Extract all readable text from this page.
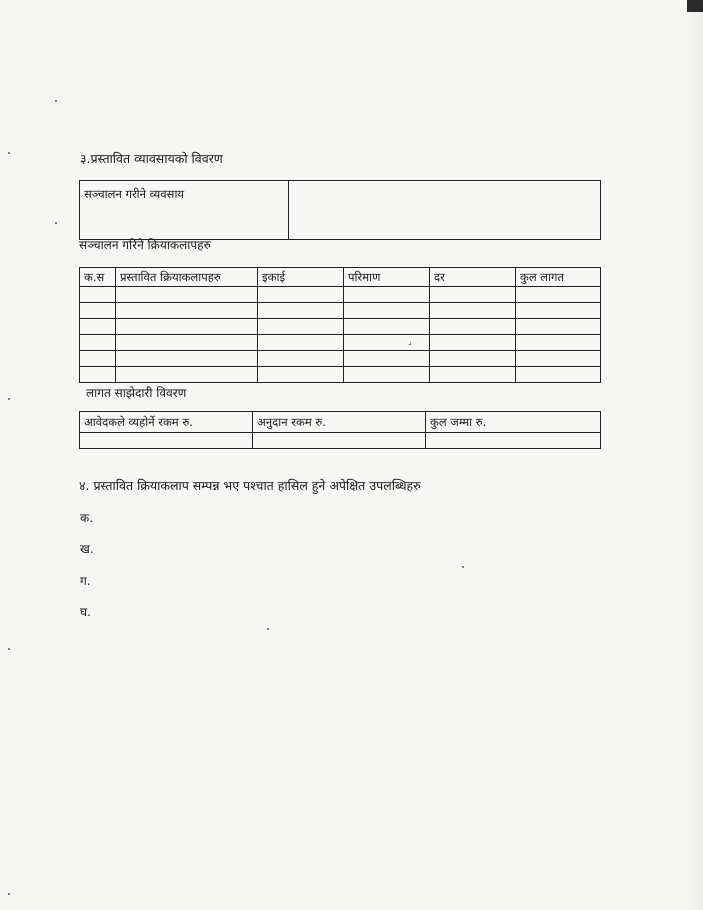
३.प्रस्तावित व्यावसायको विवरण
सञ्चालन गरीने व्यवसाय	
सञ्चालन गरिने क्रियाकलापहरु
क.स	प्रस्तावित क्रियाकलापहरु	इकाई	परिमाण	दर	कुल लागत

⌟
लागत साझेदारी विवरण
आवेदकले व्यहोर्ने रकम रु.	अनुदान रकम रु.	कुल जम्मा रु.

४. प्रस्तावित क्रियाकलाप सम्पन्न भए पश्चात हासिल हुने अपेक्षित उपलब्धिहरु
क.
ख.
ग.
घ.
